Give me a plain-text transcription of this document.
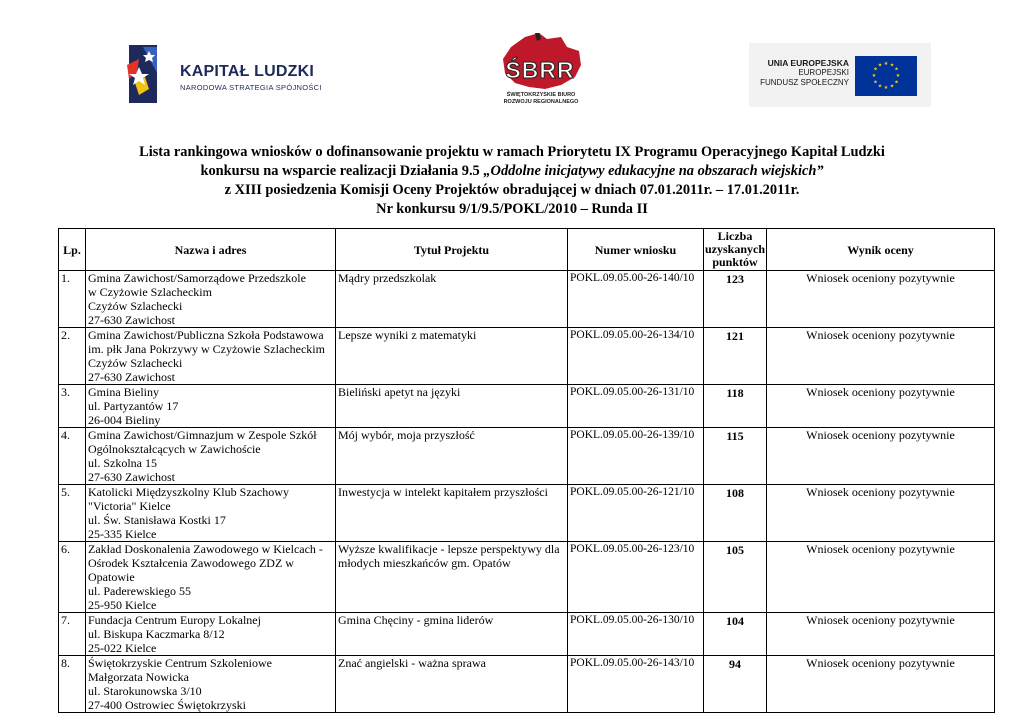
KAPITAŁ LUDZKI
NARODOWA STRATEGIA SPÓJNOŚCI
ŚBRR
ŚWIĘTOKRZYSKIE BIURO
ROZWOJU REGIONALNEGO
UNIA EUROPEJSKA
EUROPEJSKI
FUNDUSZ SPOŁECZNY
★ ★
★
★
★
★
★
★
★
★
★
★
Lista rankingowa wniosków o dofinansowanie projektu w ramach Priorytetu IX Programu Operacyjnego Kapitał Ludzki
konkursu na wsparcie realizacji Działania 9.5 „Oddolne inicjatywy edukacyjne na obszarach wiejskich”
z XIII posiedzenia Komisji Oceny Projektów obradującej w dniach 07.01.2011r. – 17.01.2011r.
Nr konkursu 9/1/9.5/POKL/2010 – Runda II
Lp.	Nazwa i adres	Tytuł Projektu	Numer wniosku	Liczba
uzyskanych
punktów	Wynik oceny
1.	Gmina Zawichost/Samorządowe Przedszkole
w Czyżowie Szlacheckim
Czyżów Szlachecki
27-630 Zawichost	Mądry przedszkolak	POKL.09.05.00-26-140/10	123	Wniosek oceniony pozytywnie
2.	Gmina Zawichost/Publiczna Szkoła Podstawowa
im. płk Jana Pokrzywy w Czyżowie Szlacheckim
Czyżów Szlachecki
27-630 Zawichost	Lepsze wyniki z matematyki	POKL.09.05.00-26-134/10	121	Wniosek oceniony pozytywnie
3.	Gmina Bieliny
ul. Partyzantów 17
26-004 Bieliny	Bieliński apetyt na języki	POKL.09.05.00-26-131/10	118	Wniosek oceniony pozytywnie
4.	Gmina Zawichost/Gimnazjum w Zespole Szkół
Ogólnokształcących w Zawichoście
ul. Szkolna 15
27-630 Zawichost	Mój wybór, moja przyszłość	POKL.09.05.00-26-139/10	115	Wniosek oceniony pozytywnie
5.	Katolicki Międzyszkolny Klub Szachowy
"Victoria" Kielce
ul. Św. Stanisława Kostki 17
25-335 Kielce	Inwestycja w intelekt kapitałem przyszłości	POKL.09.05.00-26-121/10	108	Wniosek oceniony pozytywnie
6.	Zakład Doskonalenia Zawodowego w Kielcach -
Ośrodek Kształcenia Zawodowego ZDZ w Opatowie
ul. Paderewskiego 55
25-950 Kielce	Wyższe kwalifikacje - lepsze perspektywy dla młodych mieszkańców gm. Opatów	POKL.09.05.00-26-123/10	105	Wniosek oceniony pozytywnie
7.	Fundacja Centrum Europy Lokalnej
ul. Biskupa Kaczmarka 8/12
25-022 Kielce	Gmina Chęciny - gmina liderów	POKL.09.05.00-26-130/10	104	Wniosek oceniony pozytywnie
8.	Świętokrzyskie Centrum Szkoleniowe
Małgorzata Nowicka
ul. Starokunowska 3/10
27-400 Ostrowiec Świętokrzyski	Znać angielski - ważna sprawa	POKL.09.05.00-26-143/10	94	Wniosek oceniony pozytywnie
